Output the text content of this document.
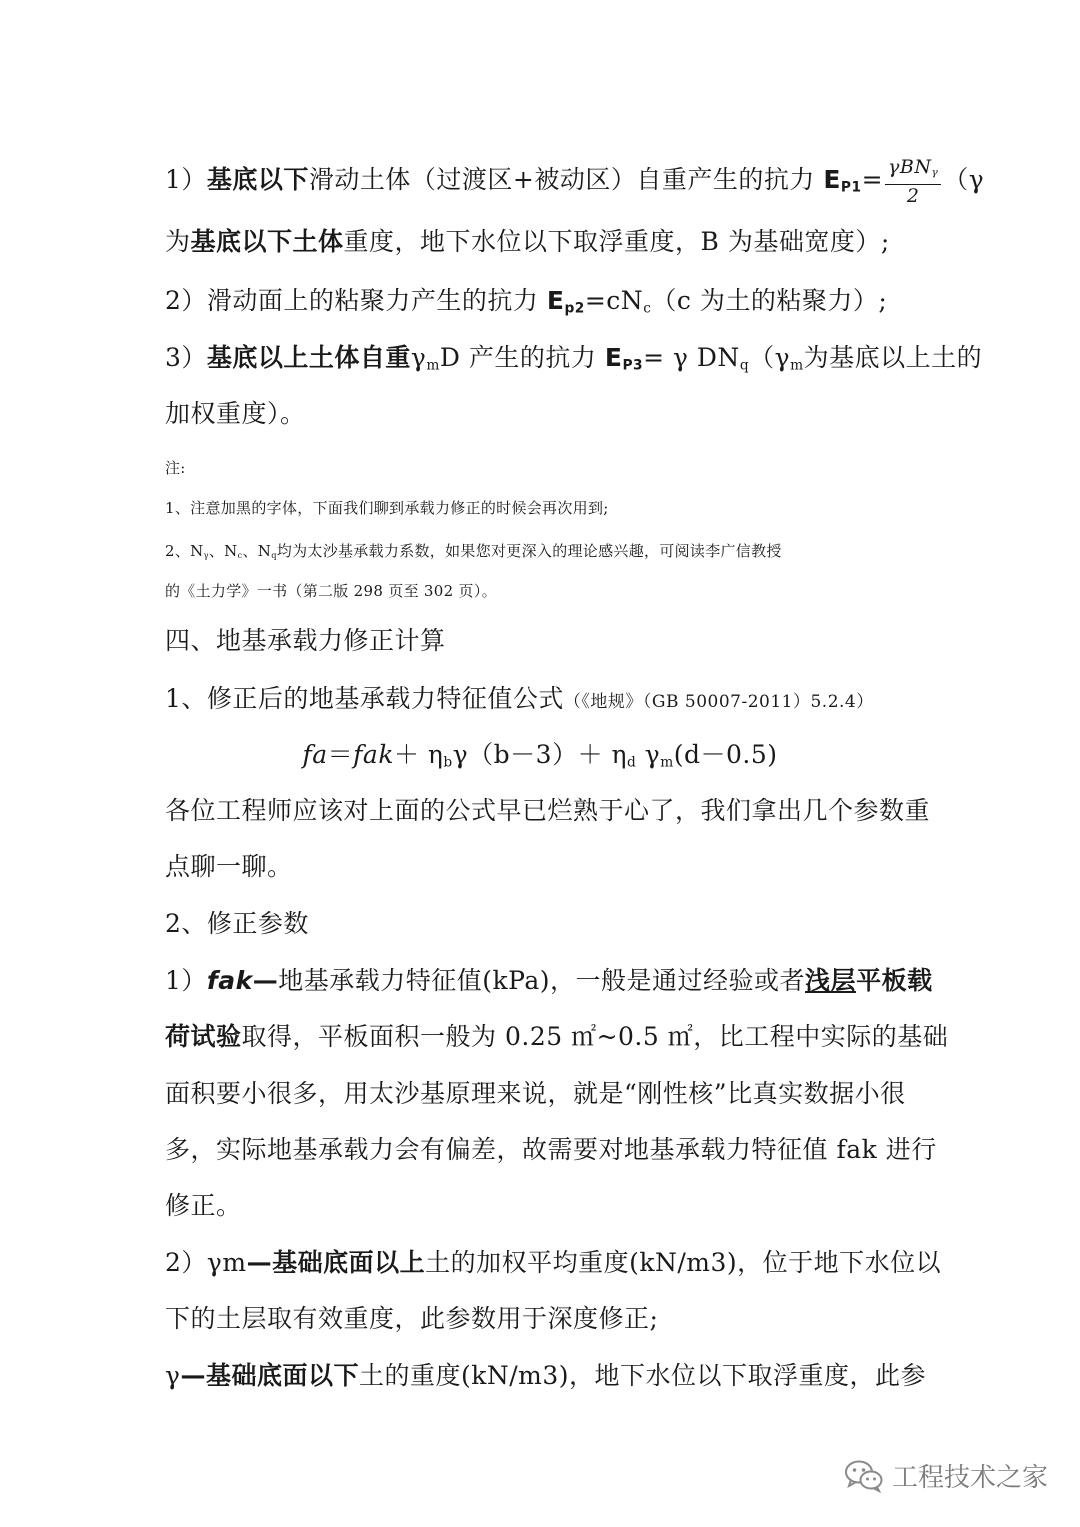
1）基底以下滑动土体（过渡区+被动区）自重产生的抗力 $E_{P1}= \frac{\gamma BN_\gamma}{2} (\gamma$
为基底以下土体重度，地下水位以下取浮重度，B 为基础宽度）;
2）滑动面上的粘聚力产生的抗力 $E_{p2}=cN_c(c$ 为土的粘聚力）;
3）基底以上土体自重$\gamma_mD$ 产生的抗力 $E_{P3}= \gamma$ $DN_q(\gamma_m$为基底以上土的
加权重度）。
注:
1、注意加黑的字体，下面我们聊到承载力修正的时候会再次用到;
2、$N_\gamma$、$N_c$、$N_q$均为太沙基承载力系数，如果您对更深入的理论感兴趣，可阅读李广信教授
的《土力学》一书（第二版 298 页至 302 页）。
四、地基承载力修正计算
1、修正后的地基承载力特征值公式（《地规》（GB 50007-2011）5.2.4）
$fa=fak+ \eta_b\gamma(b-3)+ \eta_d$ $\gamma_m(d-0.5)$
各位工程师应该对上面的公式早已烂熟于心了，我们拿出几个参数重
点聊一聊。
2、修正参数
1）fak—地基承载力特征值(kPa)，一般是通过经验或者浅层平板载
荷试验取得，平板面积一般为 0.25 ㎡~0.5 ㎡，比工程中实际的基础
面积要小很多，用太沙基原理来说，就是“刚性核”比真实数据小很
多，实际地基承载力会有偏差，故需要对地基承载力特征值 fak 进行
修正。
2）γm—基础底面以上土的加权平均重度(kN/m3)，位于地下水位以
下的土层取有效重度，此参数用于深度修正;
γ—基础底面以下土的重度(kN/m3)，地下水位以下取浮重度，此参
工程技术之家
